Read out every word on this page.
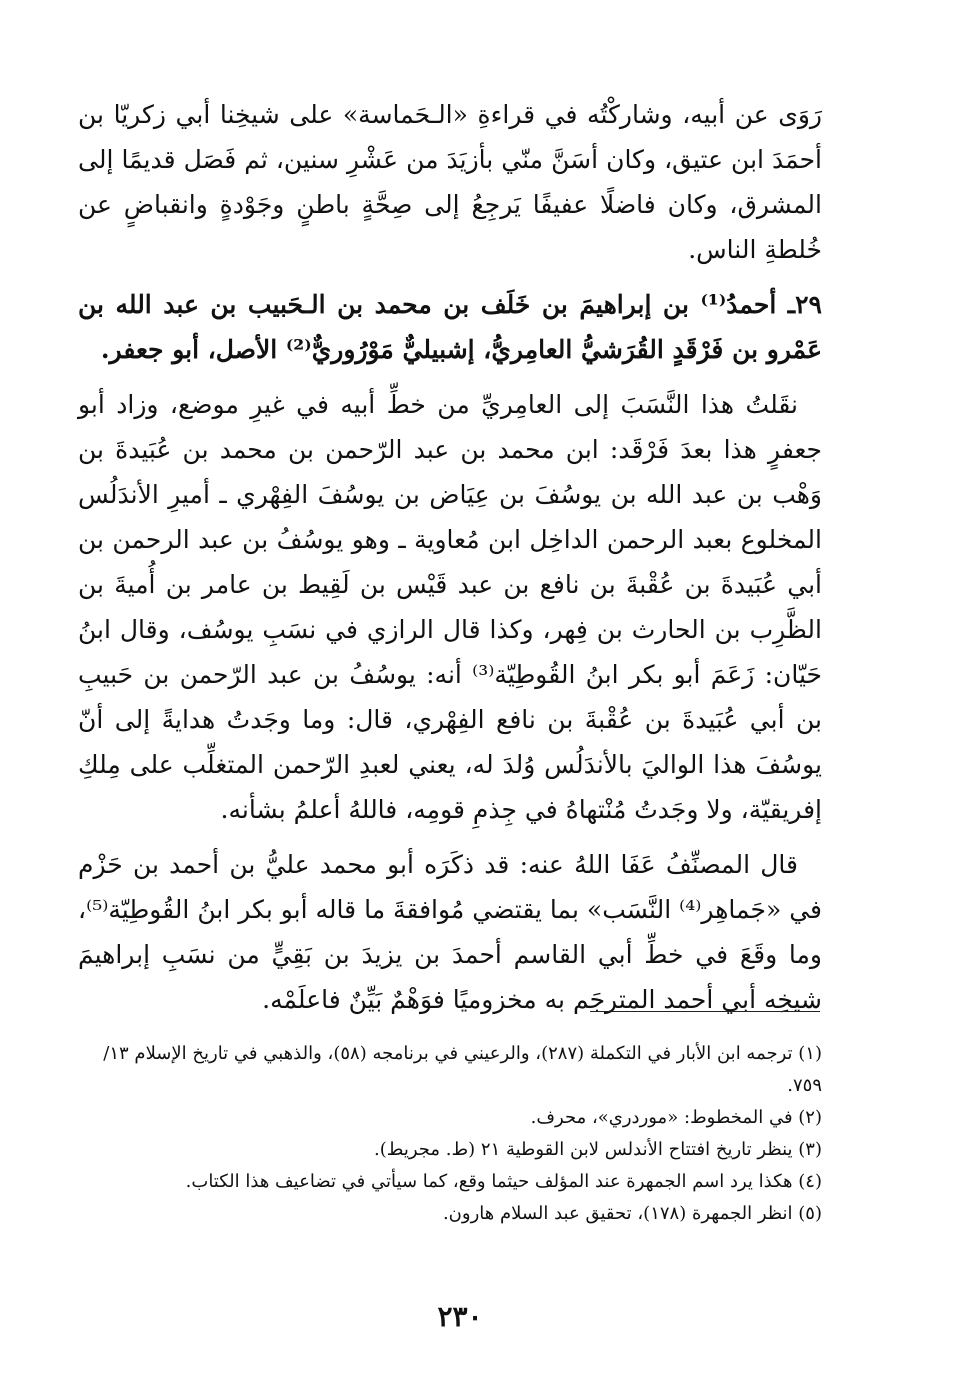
رَوَى عن أبيه، وشاركْتُه في قراءةِ «الـحَماسة» على شيخِنا أبي زكريّا بن أحمَدَ ابن عتيق، وكان أسَنَّ منّي بأزيَدَ من عَشْرِ سنين، ثم فَصَل قديمًا إلى المشرق، وكان فاضلًا عفيفًا يَرجِعُ إلى صِحَّةٍ باطنٍ وجَوْدةٍ وانقباضٍ عن خُلطةِ الناس.

٢٩ـ أحمدُ⁽¹⁾ بن إبراهيمَ بن خَلَف بن محمد بن الـحَبيب بن عبد الله بن عَمْرو بن فَرْقَدٍ القُرَشيُّ العامِريُّ، إشبيليٌّ مَوْرُوريٌّ⁽²⁾ الأصل، أبو جعفر.

نقَلتُ هذا النَّسَبَ إلى العامِريِّ من خطِّ أبيه في غيرِ موضع، وزاد أبو جعفرٍ هذا بعدَ فَرْقَد: ابن محمد بن عبد الرّحمن بن محمد بن عُبَيدةَ بن وَهْب بن عبد الله بن يوسُفَ بن عِيَاض بن يوسُفَ الفِهْري ـ أميرِ الأندَلُس المخلوع بعبد الرحمن الداخِل ابن مُعاوية ـ وهو يوسُفُ بن عبد الرحمن بن أبي عُبَيدةَ بن عُقْبةَ بن نافع بن عبد قَيْس بن لَقِيط بن عامر بن أُميةَ بن الظَّرِب بن الحارث بن فِهر، وكذا قال الرازي في نسَبِ يوسُف، وقال ابنُ حَيّان: زَعَمَ أبو بكر ابنُ القُوطِيّة⁽³⁾ أنه: يوسُفُ بن عبد الرّحمن بن حَبيبِ بن أبي عُبَيدةَ بن عُقْبةَ بن نافع الفِهْري، قال: وما وجَدتُ هدايةً إلى أنّ يوسُفَ هذا الواليَ بالأندَلُس وُلدَ له، يعني لعبدِ الرّحمن المتغلِّب على مِلكِ إفريقيّة، ولا وجَدتُ مُنْتهاهُ في جِذمِ قومِه، فاللهُ أعلمُ بشأنه.

قال المصنِّفُ عَفَا اللهُ عنه: قد ذكَرَه أبو محمد عليُّ بن أحمد بن حَزْم في «جَماهِر⁽⁴⁾ النَّسَب» بما يقتضي مُوافقةَ ما قاله أبو بكر ابنُ القُوطِيّة⁽⁵⁾، وما وقَعَ في خطِّ أبي القاسم أحمدَ بن يزيدَ بن بَقِيٍّ من نسَبِ إبراهيمَ شيخِه أبي أحمد المترجَم به مخزوميًا فوَهْمٌ بَيِّنٌ فاعلَمْه.

(١) ترجمه ابن الأبار في التكملة (٢٨٧)، والرعيني في برنامجه (٥٨)، والذهبي في تاريخ الإسلام ١٣/ ٧٥٩.

(٢) في المخطوط: «موردري»، محرف.

(٣) ينظر تاريخ افتتاح الأندلس لابن القوطية ٢١ (ط. مجريط).

(٤) هكذا يرد اسم الجمهرة عند المؤلف حيثما وقع، كما سيأتي في تضاعيف هذا الكتاب.

(٥) انظر الجمهرة (١٧٨)، تحقيق عبد السلام هارون.

٢٣٠
